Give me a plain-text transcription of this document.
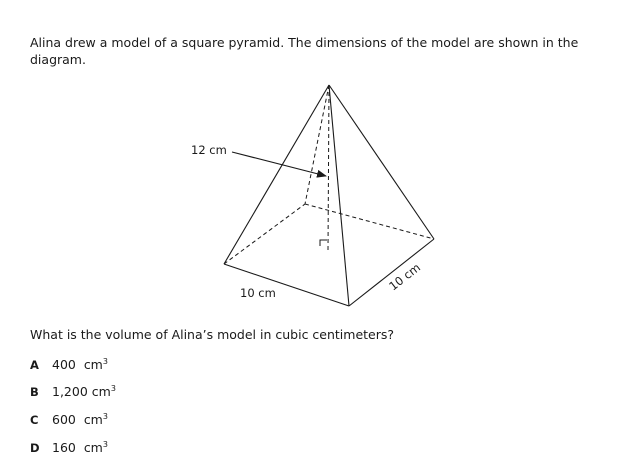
Alina drew a model of a square pyramid. The dimensions of the model are shown in the diagram.
12 cm
10 cm	10 cm
What is the volume of Alina’s model in cubic centimeters?
A	400 $cm^3$
B	1,200 $cm^3$
C	600 $cm^3$
D 160 $cm^3$
